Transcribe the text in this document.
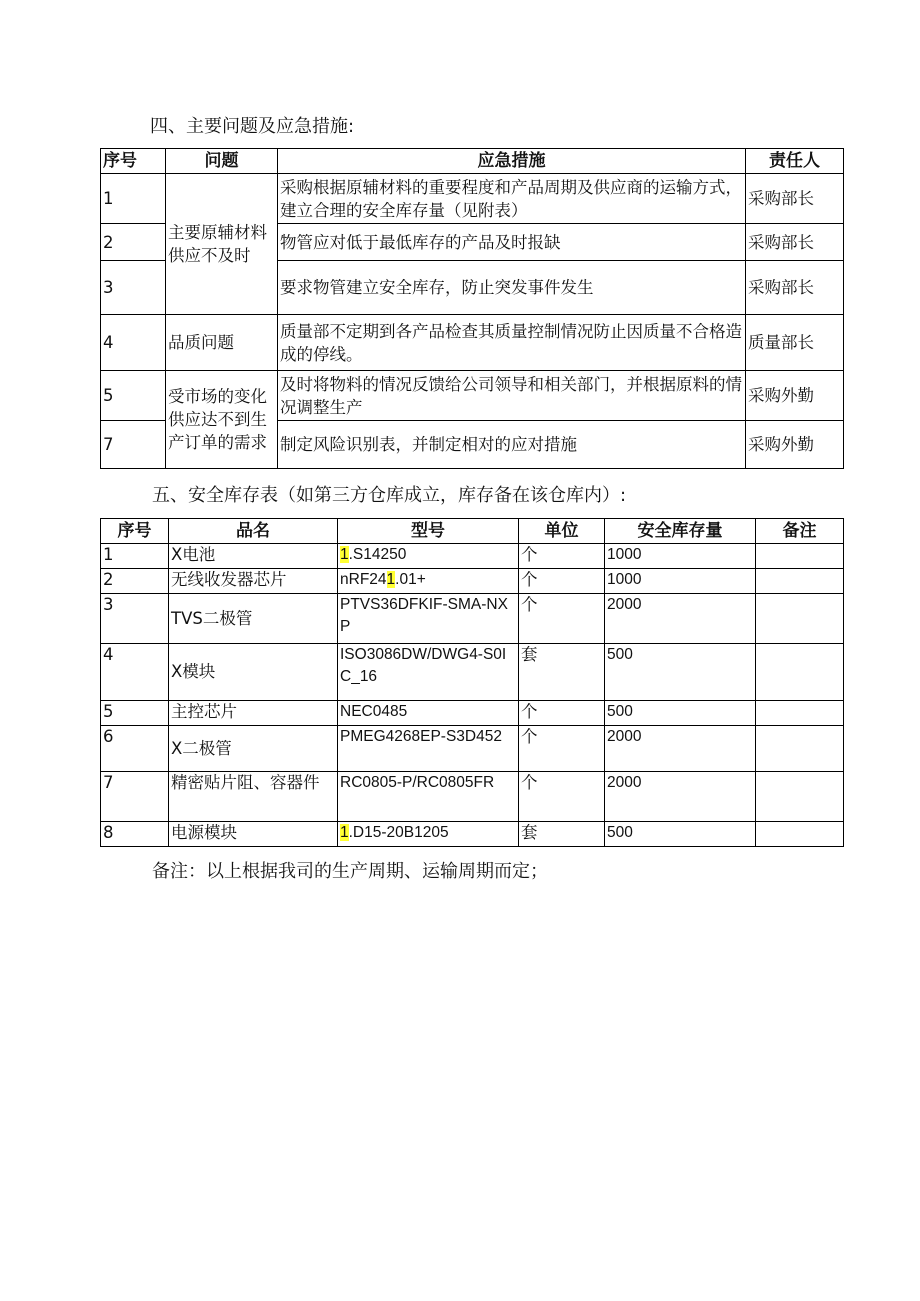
四、主要问题及应急措施:
序号	问题	应急措施	责任人
1	主要原辅材料供应不及时	采购根据原辅材料的重要程度和产品周期及供应商的运输方式，建立合理的安全库存量（见附表）	采购部长
2		物管应对低于最低库存的产品及时报缺	采购部长
3		要求物管建立安全库存，防止突发事件发生	采购部长
4	品质问题	质量部不定期到各产品检查其质量控制情况防止因质量不合格造成的停线。	质量部长
5	受市场的变化供应达不到生产订单的需求	及时将物料的情况反馈给公司领导和相关部门，并根据原料的情况调整生产	采购外勤
7		制定风险识别表，并制定相对的应对措施	采购外勤
五、安全库存表（如第三方仓库成立，库存备在该仓库内）:
序号	品名	型号	单位	安全库存量	备注
1	X电池	1.S14250	个	1000	
2	无线收发器芯片	nRF241.01+	个	1000	
3	TVS二极管	PTVS36DFKIF-SMA-NXP	个	2000	
4	X模块	ISO3086DW/DWG4-S0IC_16	套	500	
5	主控芯片	NEC0485	个	500	
6	X二极管	PMEG4268EP-S3D452	个	2000	
7	精密贴片阻、容器件	RC0805-P/RC0805FR	个	2000	
8	电源模块	1.D15-20B1205	套	500	
备注：以上根据我司的生产周期、运输周期而定；
